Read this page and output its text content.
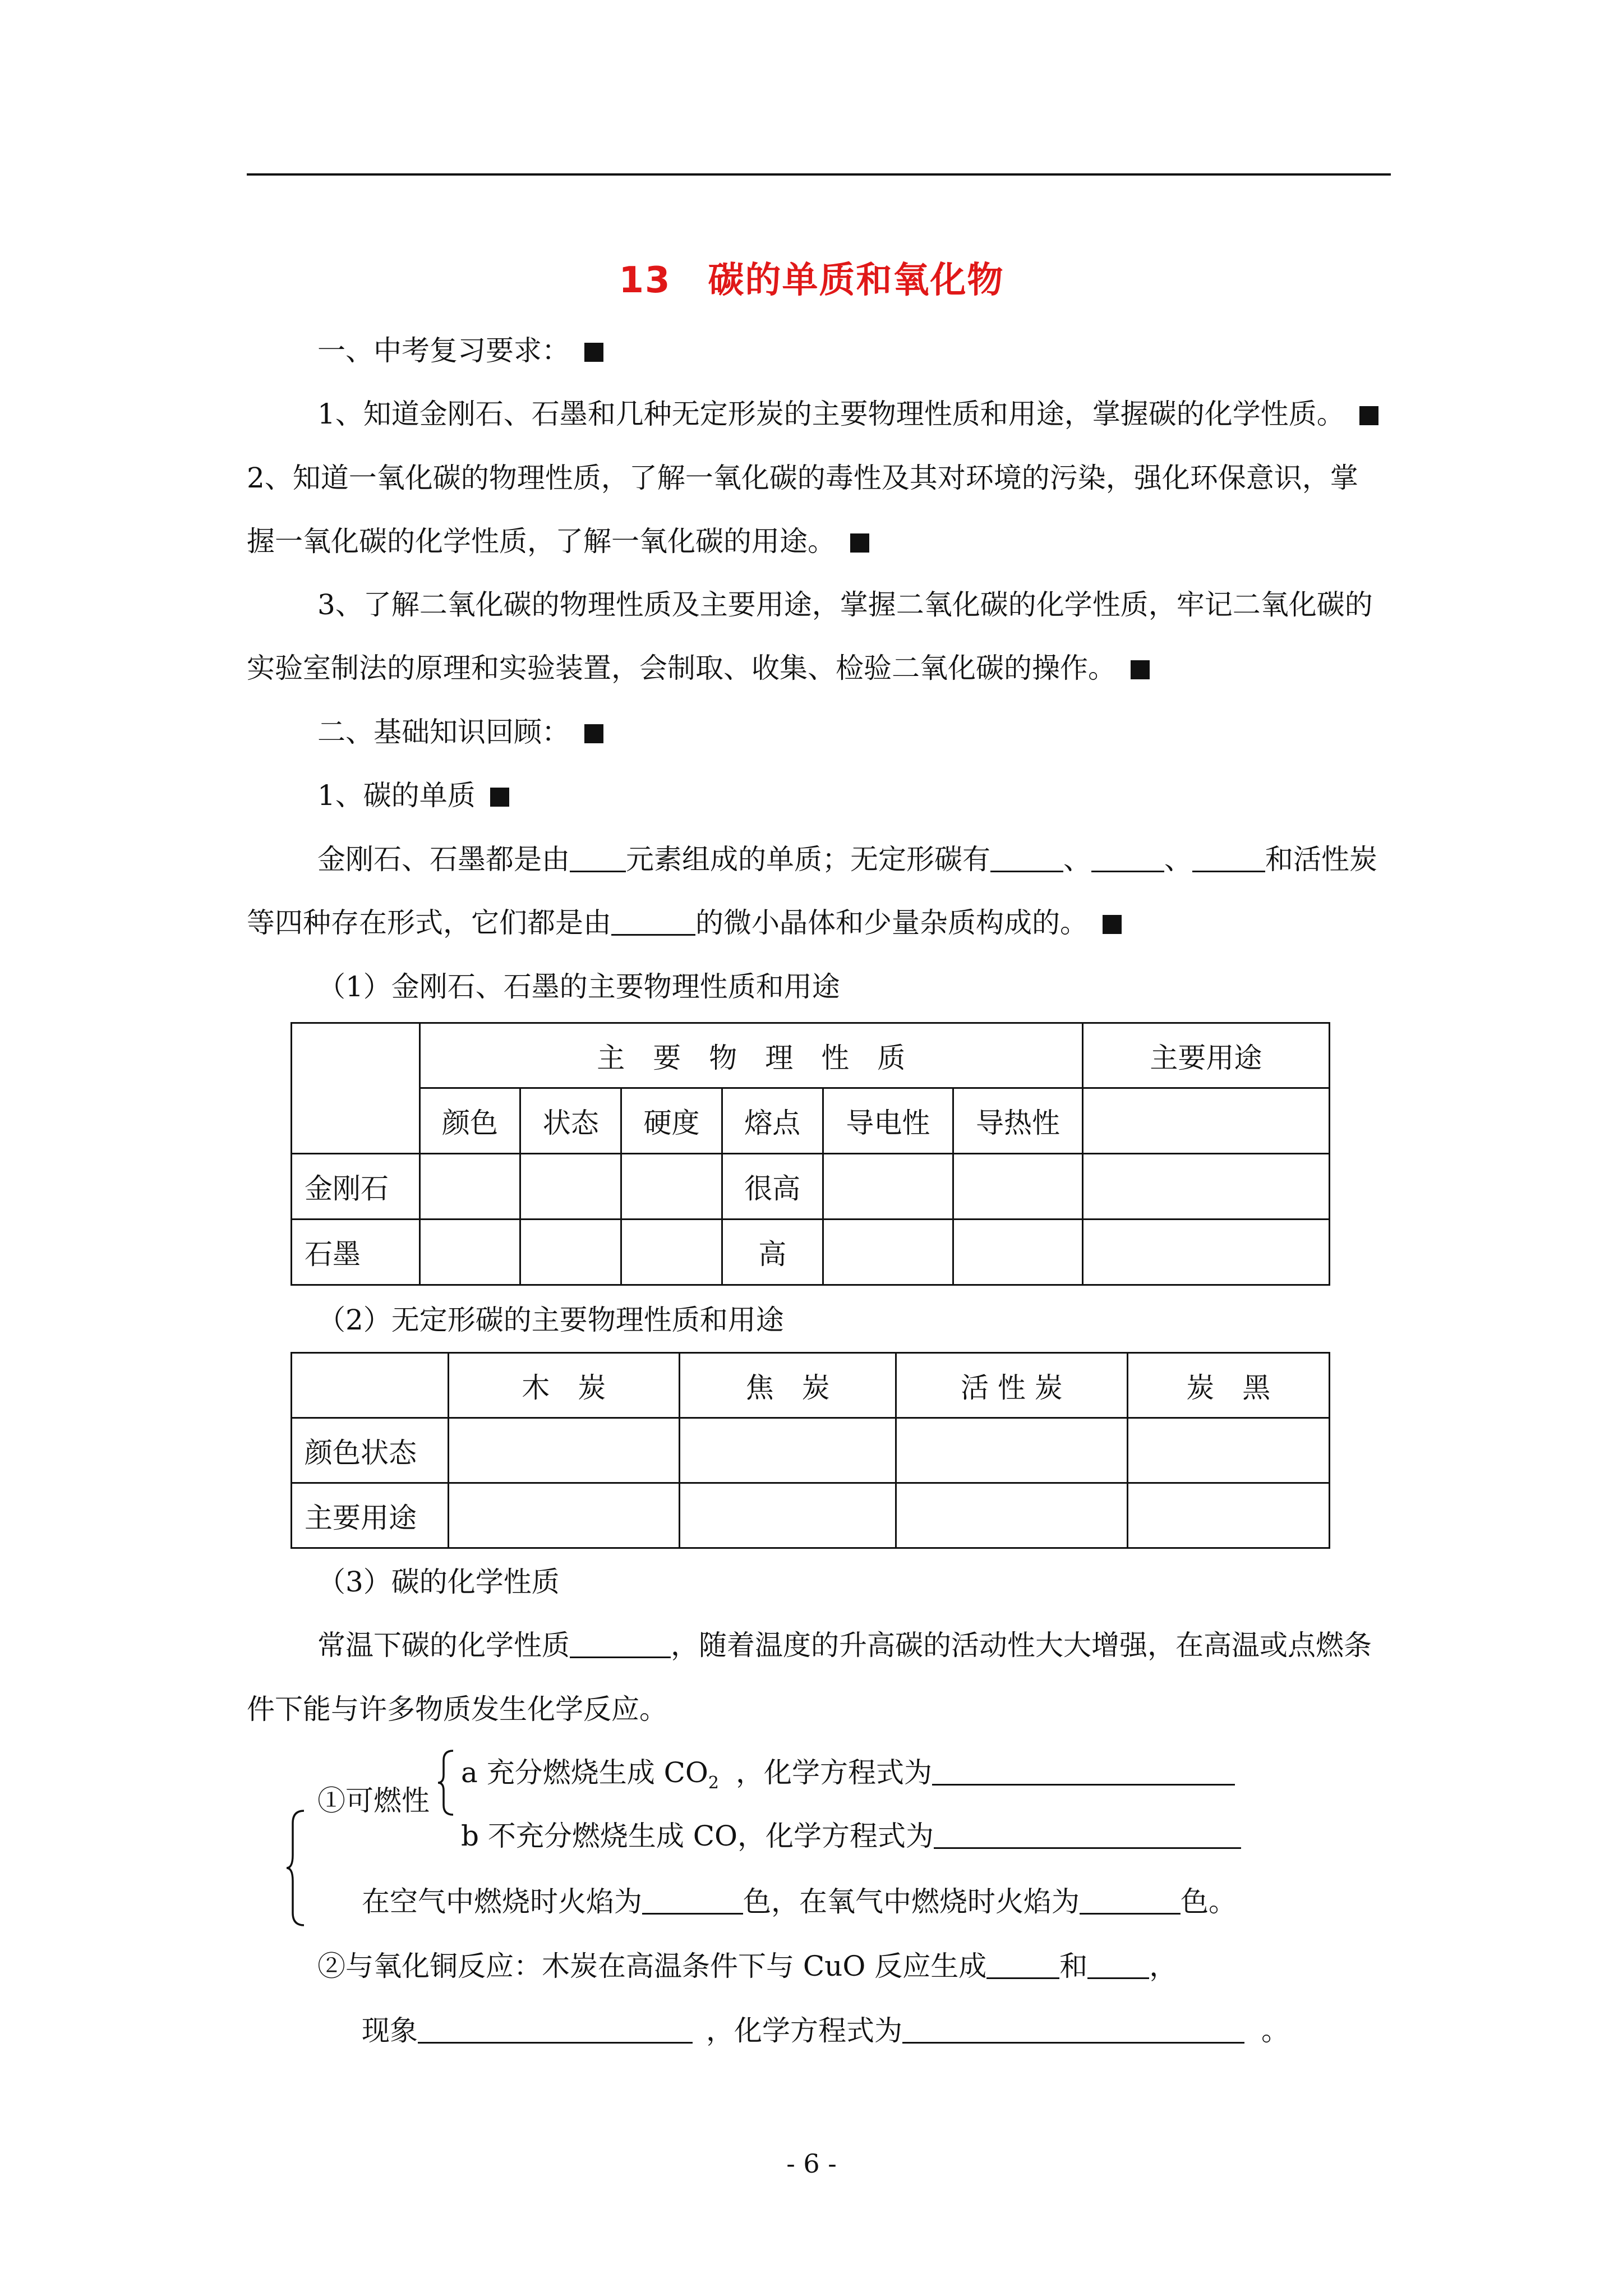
13　碳的单质和氧化物
一、中考复习要求：
1、知道金刚石、石墨和几种无定形炭的主要物理性质和用途，掌握碳的化学性质。
2、知道一氧化碳的物理性质，了解一氧化碳的毒性及其对环境的污染，强化环保意识，掌
握一氧化碳的化学性质，了解一氧化碳的用途。
3、了解二氧化碳的物理性质及主要用途，掌握二氧化碳的化学性质，牢记二氧化碳的
实验室制法的原理和实验装置，会制取、收集、检验二氧化碳的操作。
二、基础知识回顾：
1、碳的单质
金刚石、石墨都是由 元素组成的单质；无定形碳有	、	、	和活性炭
等四种存在形式，它们都是由	的微小晶体和少量杂质构成的。
（1）金刚石、石墨的主要物理性质和用途
	主　要　物　理　性　质						主要用途
	颜色	状态	硬度	熔点	导电性	导热性	
金刚石				很高			
石墨				高			
（2）无定形碳的主要物理性质和用途
	木　炭	焦　炭	活 性 炭	炭　黑
颜色状态				
主要用途				
（3）碳的化学性质
常温下碳的化学性质	，随着温度的升高碳的活动性大大增强，在高温或点燃条
件下能与许多物质发生化学反应。
①可燃性
a 充分燃烧生成 $CO_2$ ，化学方程式为
b 不充分燃烧生成 CO，化学方程式为
在空气中燃烧时火焰为	色，在氧气中燃烧时火焰为	色。
②与氧化铜反应：木炭在高温条件下与 CuO 反应生成	和 ，
现象	，化学方程式为	。
- 6 -
